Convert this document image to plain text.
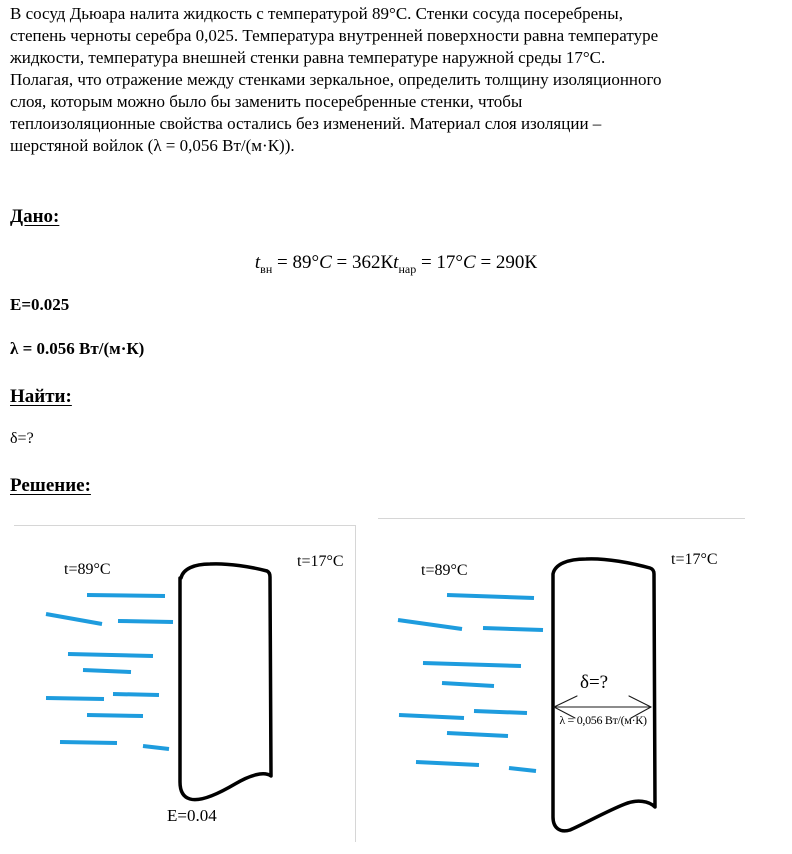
В сосуд Дьюара налита жидкость с температурой 89°С. Стенки сосуда посеребрены,
степень черноты серебра 0,025. Температура внутренней поверхности равна температуре
жидкости, температура внешней стенки равна температуре наружной среды 17°С.
Полагая, что отражение между стенками зеркальное, определить толщину изоляционного
слоя, которым можно было бы заменить посеребренные стенки, чтобы
теплоизоляционные свойства остались без изменений. Материал слоя изоляции –
шерстяной войлок (λ = 0,056 Вт/(м·К)).
Дано:
$t_{вн} = 89^\circ C = 362Кt_{нар} = 17^\circ C = 290К$
E=0.025
λ = 0.056 Вт/(м·К)
Найти:
δ=?
Решение:
t=89°C	t=17°C
E=0.04
t=89°C
t=17°C
δ=?
λ = 0,056 Вт/(м·К)
